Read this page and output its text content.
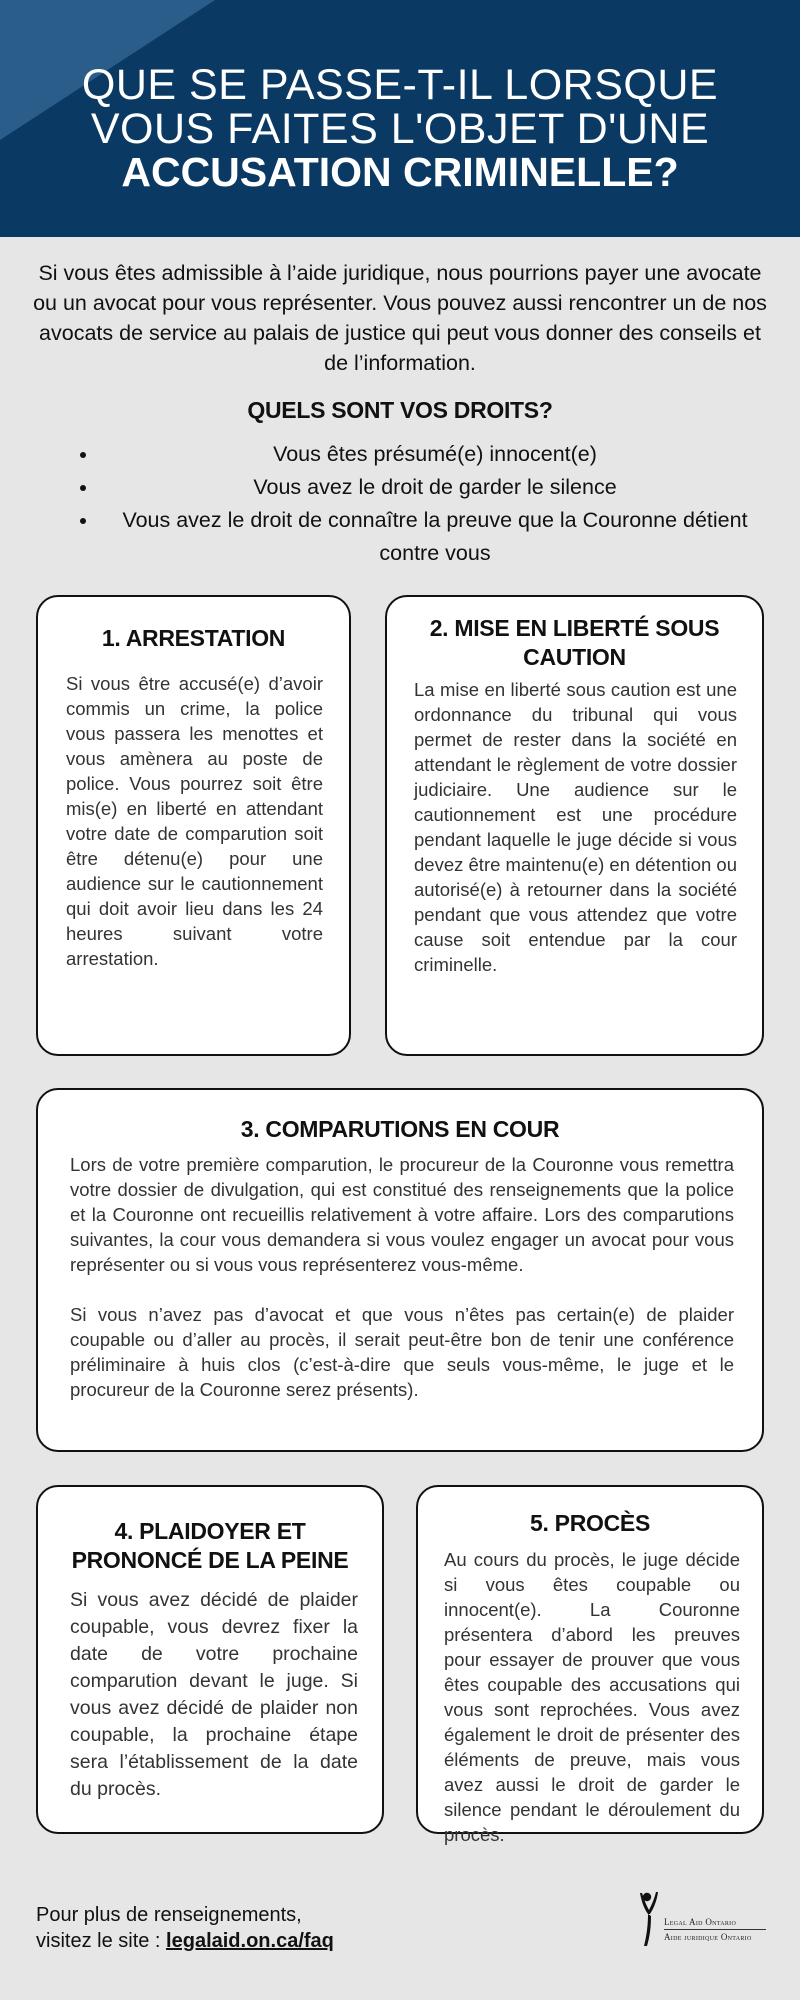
QUE SE PASSE-T-IL LORSQUE
VOUS FAITES L'OBJET D'UNE
ACCUSATION CRIMINELLE?
Si vous êtes admissible à l’aide juridique, nous pourrions payer une avocate ou un avocat pour vous représenter. Vous pouvez aussi rencontrer un de nos avocats de service au palais de justice qui peut vous donner des conseils et de l’information.
QUELS SONT VOS DROITS?
Vous êtes présumé(e) innocent(e)
Vous avez le droit de garder le silence
Vous avez le droit de connaître la preuve que la Couronne détient contre vous
1. ARRESTATION
Si vous être accusé(e) d’avoir commis un crime, la police vous passera les menottes et vous amènera au poste de police. Vous pourrez soit être mis(e) en liberté en attendant votre date de comparution soit être détenu(e) pour une audience sur le cautionnement qui doit avoir lieu dans les 24 heures suivant votre arrestation.
2. MISE EN LIBERTÉ SOUS CAUTION
La mise en liberté sous caution est une ordonnance du tribunal qui vous permet de rester dans la société en attendant le règlement de votre dossier judiciaire. Une audience sur le cautionnement est une procédure pendant laquelle le juge décide si vous devez être maintenu(e) en détention ou autorisé(e) à retourner dans la société pendant que vous attendez que votre cause soit entendue par la cour criminelle.
3. COMPARUTIONS EN COUR

Lors de votre première comparution, le procureur de la Couronne vous remettra votre dossier de divulgation, qui est constitué des renseignements que la police et la Couronne ont recueillis relativement à votre affaire. Lors des comparutions suivantes, la cour vous demandera si vous voulez engager un avocat pour vous représenter ou si vous vous représenterez vous-même.

Si vous n’avez pas d’avocat et que vous n’êtes pas certain(e) de plaider coupable ou d’aller au procès, il serait peut-être bon de tenir une conférence préliminaire à huis clos (c’est-à-dire que seuls vous-même, le juge et le procureur de la Couronne serez présents).

4. PLAIDOYER ET PRONONCÉ DE LA PEINE
Si vous avez décidé de plaider coupable, vous devrez fixer la date de votre prochaine comparution devant le juge. Si vous avez décidé de plaider non coupable, la prochaine étape sera l’établissement de la date du procès.
5. PROCÈS
Au cours du procès, le juge décide si vous êtes coupable ou innocent(e). La Couronne présentera d’abord les preuves pour essayer de prouver que vous êtes coupable des accusations qui vous sont reprochées. Vous avez également le droit de présenter des éléments de preuve, mais vous avez aussi le droit de garder le silence pendant le déroulement du procès.
Pour plus de renseignements,
visitez le site : legalaid.on.ca/faq
Legal Aid Ontario
Aide juridique Ontario
